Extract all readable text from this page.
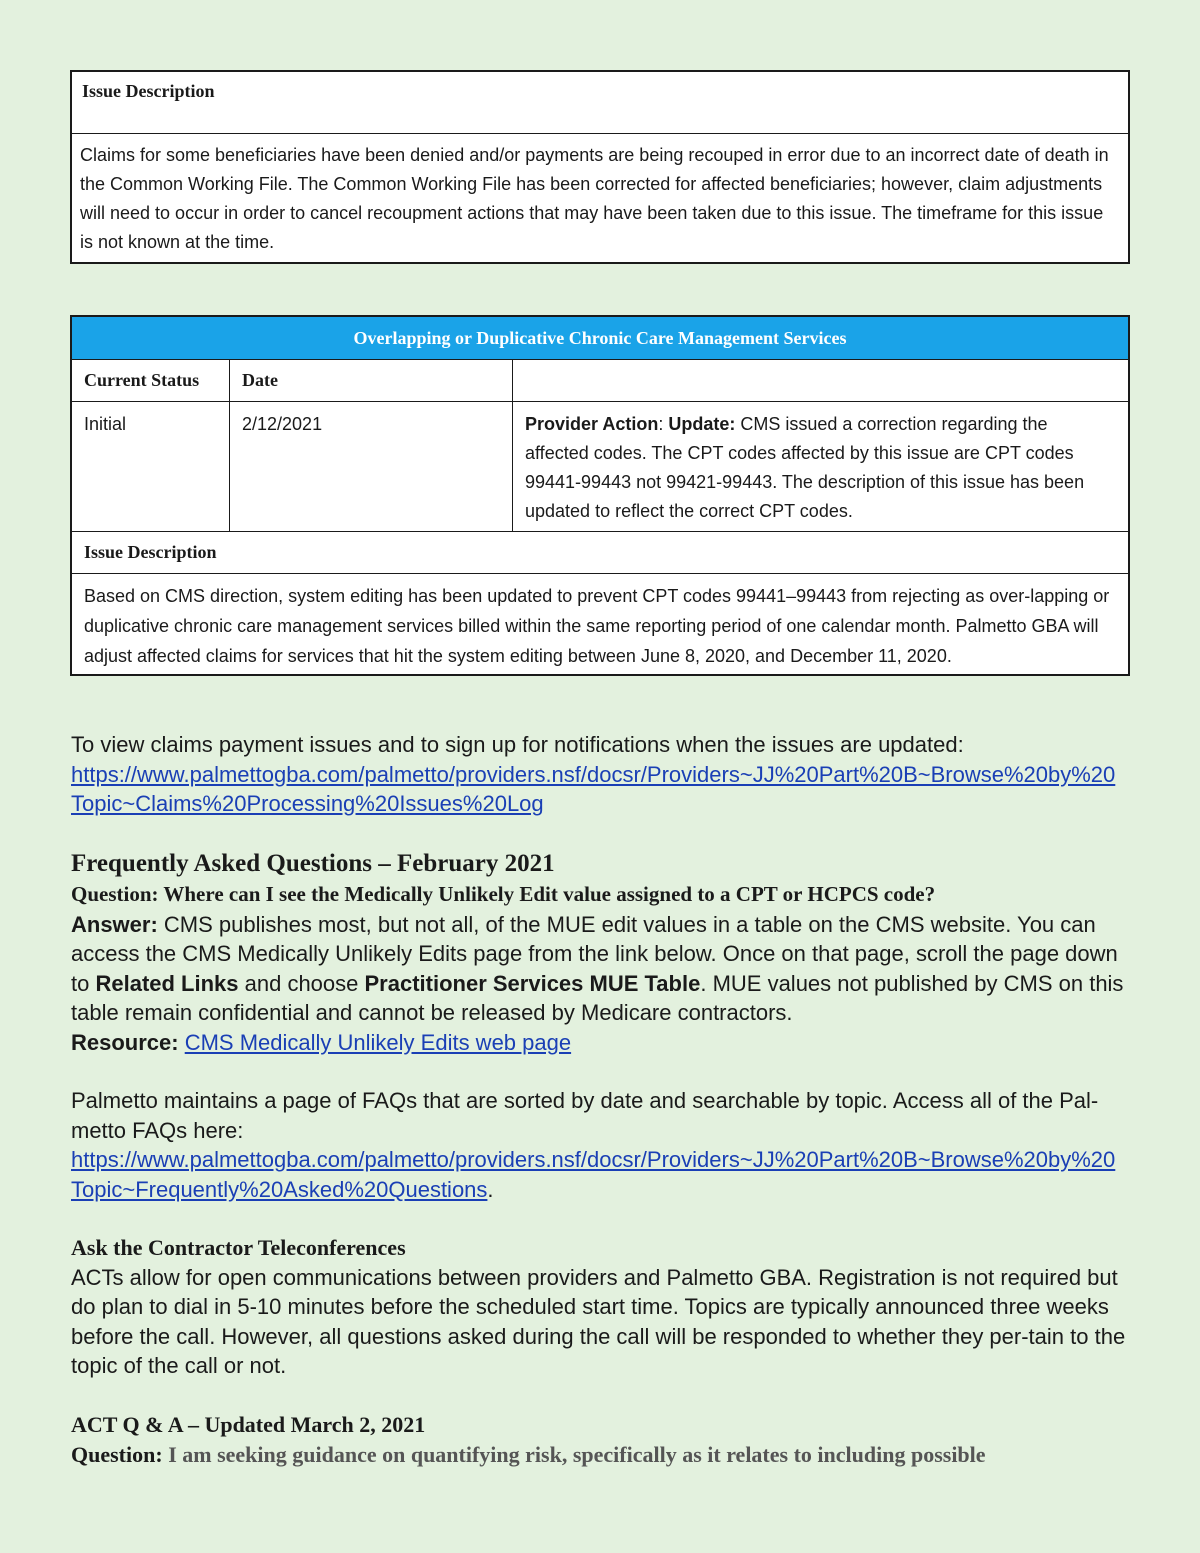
Issue Description
Claims for some beneficiaries have been denied and/or payments are being recouped in error due to an incorrect date of death in the Common Working File. The Common Working File has been corrected for affected beneficiaries; however, claim adjustments will need to occur in order to cancel recoupment actions that may have been taken due to this issue. The timeframe for this issue is not known at the time.
Overlapping or Duplicative Chronic Care Management Services
Current Status	Date
Initial	2/12/2021	Provider Action: Update: CMS issued a correction regarding the affected codes. The CPT codes affected by this issue are CPT codes 99441-99443 not 99421-99443. The description of this issue has been updated to reflect the correct CPT codes.
Issue Description
Based on CMS direction, system editing has been updated to prevent CPT codes 99441–99443 from rejecting as over-lapping or duplicative chronic care management services billed within the same reporting period of one calendar month. Palmetto GBA will adjust affected claims for services that hit the system editing between June 8, 2020, and December 11, 2020.
To view claims payment issues and to sign up for notifications when the issues are updated:
https://www.palmettogba.com/palmetto/providers.nsf/docsr/Providers~JJ%20Part%20B~Browse%20by%20
Topic~Claims%20Processing%20Issues%20Log
Frequently Asked Questions – February 2021
Question: Where can I see the Medically Unlikely Edit value assigned to a CPT or HCPCS code?
Answer: CMS publishes most, but not all, of the MUE edit values in a table on the CMS website. You can access the CMS Medically Unlikely Edits page from the link below. Once on that page, scroll the page down to Related Links and choose Practitioner Services MUE Table. MUE values not published by CMS on this table remain confidential and cannot be released by Medicare contractors.
Resource: CMS Medically Unlikely Edits web page
Palmetto maintains a page of FAQs that are sorted by date and searchable by topic. Access all of the Pal-metto FAQs here:
https://www.palmettogba.com/palmetto/providers.nsf/docsr/Providers~JJ%20Part%20B~Browse%20by%20
Topic~Frequently%20Asked%20Questions.
Ask the Contractor Teleconferences
ACTs allow for open communications between providers and Palmetto GBA. Registration is not required but do plan to dial in 5-10 minutes before the scheduled start time. Topics are typically announced three weeks before the call. However, all questions asked during the call will be responded to whether they per-tain to the topic of the call or not.
ACT Q & A – Updated March 2, 2021
Question: I am seeking guidance on quantifying risk, specifically as it relates to including possible
